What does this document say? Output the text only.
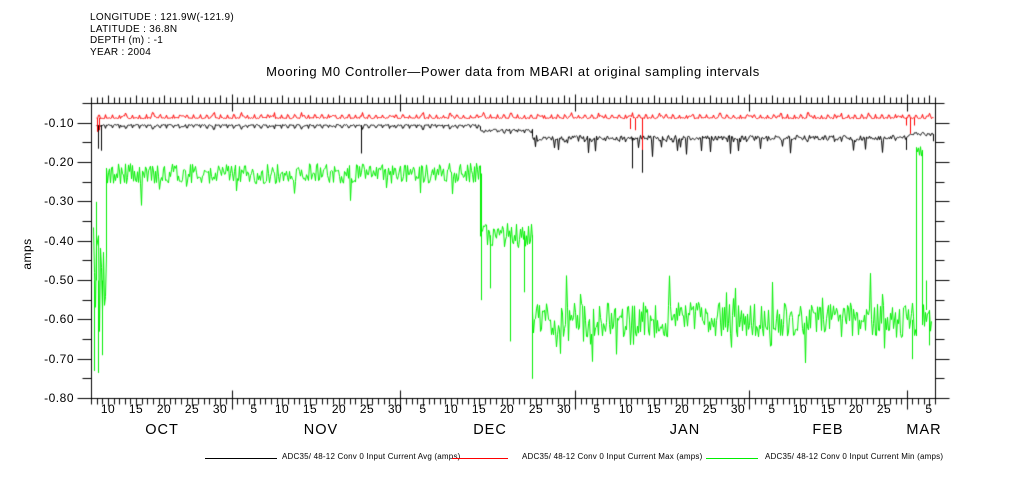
LONGITUDE : 121.9W(-121.9)
LATITUDE : 36.8N
DEPTH (m) : -1
YEAR : 2004
Mooring M0 Controller—Power data from MBARI at original sampling intervals
amps
-0.10
-0.20
-0.30
-0.40
-0.50
-0.60
-0.70
-0.80
10	15	20	25	30	5	10	15	20	25	30	5	10	15	20	25	30	5	10	15	20	25	30	5	10	15	20	25	5
OCT	NOV	DEC	JAN	FEB	MAR
ADC35/ 48-12 Conv 0 Input Current Avg (amps)	ADC35/ 48-12 Conv 0 Input Current Max (amps)	ADC35/ 48-12 Conv 0 Input Current Min (amps)
